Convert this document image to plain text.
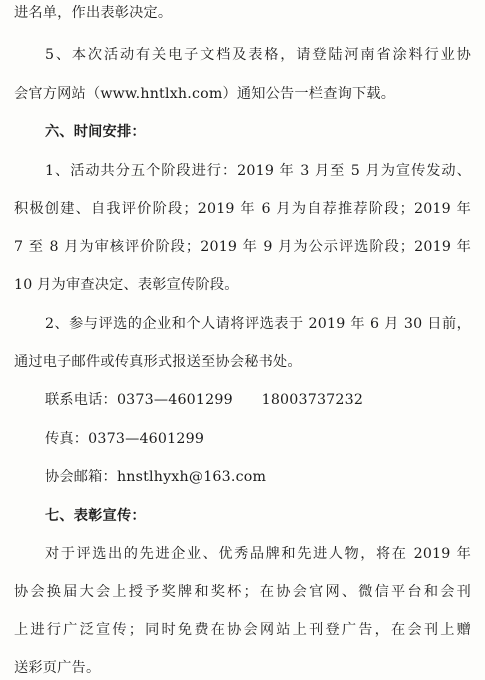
进名单，作出表彰决定。
5、本次活动有关电子文档及表格，请登陆河南省涂料行业协
会官方网站（www.hntlxh.com）通知公告一栏查询下载。
六、时间安排：
1、活动共分五个阶段进行：2019 年 3 月至 5 月为宣传发动、
积极创建、自我评价阶段；2019 年 6 月为自荐推荐阶段；2019 年
7 至 8 月为审核评价阶段；2019 年 9 月为公示评选阶段；2019 年
10 月为审查决定、表彰宣传阶段。
2、参与评选的企业和个人请将评选表于 2019 年 6 月 30 日前，
通过电子邮件或传真形式报送至协会秘书处。
联系电话：0373—4601299　　18003737232
传真：0373—4601299
协会邮箱：hnstlhyxh@163.com
七、表彰宣传：
对于评选出的先进企业、优秀品牌和先进人物，将在 2019 年
协会换届大会上授予奖牌和奖杯；在协会官网、微信平台和会刊
上进行广泛宣传；同时免费在协会网站上刊登广告，在会刊上赠
送彩页广告。
